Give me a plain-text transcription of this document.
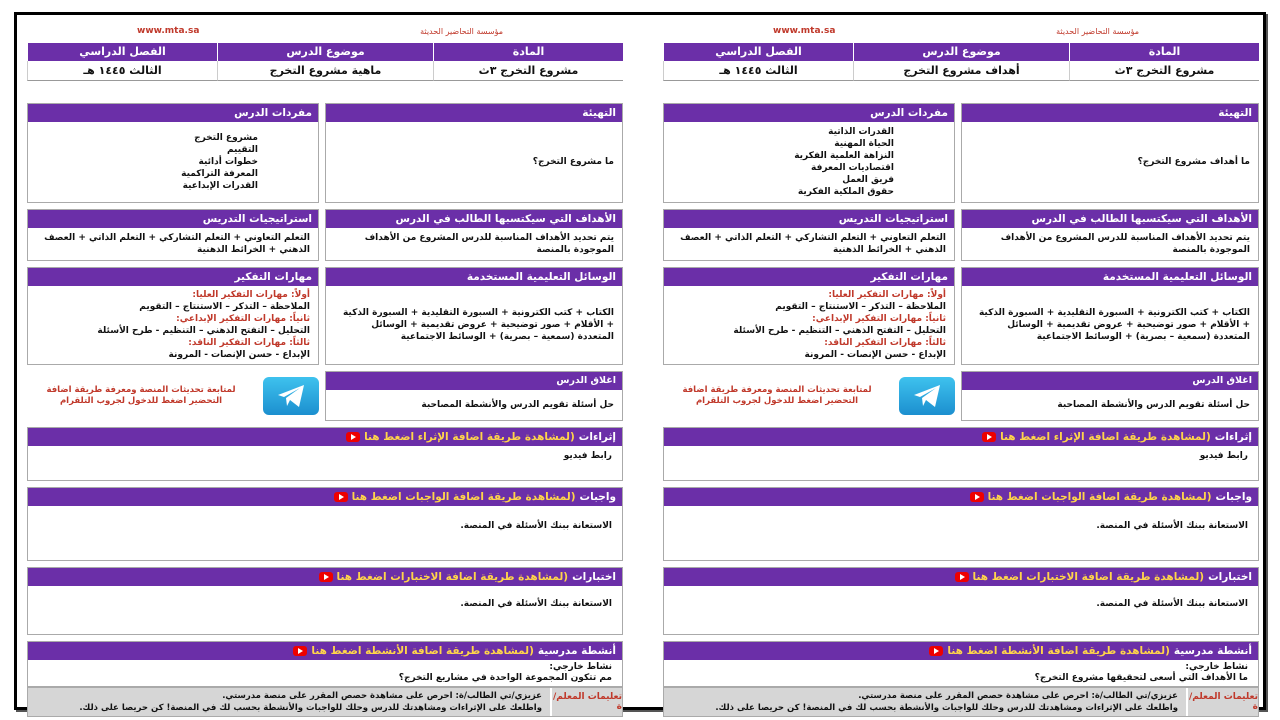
www.mta.sa	مؤسسة التحاضير الحديثة
المادة
موضوع الدرس
الفصل الدراسي
مشروع التخرج ٣ث
أهداف مشروع التخرج
الثالث ١٤٤٥ هـ
التهيئة
ما أهداف مشروع التخرج؟
مفردات الدرس
القدرات الذاتية
الحياة المهنية
النزاهة العلمية الفكرية
اقتصاديات المعرفة
فريق العمل
حقوق الملكية الفكرية
الأهداف التي سيكتسبها الطالب في الدرس
يتم تحديد الأهداف المناسبة للدرس المشروع من الأهداف الموجودة بالمنصة
استراتيجيات التدريس
التعلم التعاوني + التعلم التشاركي + التعلم الذاتي + العصف الذهني + الخرائط الذهنية
الوسائل التعليمية المستخدمة
الكتاب + كتب الكترونية + السبورة التقليدية + السبورة الذكية + الأقلام + صور توضيحية + عروض تقديمية + الوسائل المتعددة (سمعية – بصرية) + الوسائط الاجتماعية
مهارات التفكير
أولاً: مهارات التفكير العليا:
الملاحظة – التذكر – الاستنتاج – التقويم
ثانياً: مهارات التفكير الإبداعي:
التحليل – التفتح الذهني – التنظيم - طرح الأسئلة
ثالثاً: مهارات التفكير الناقد:
الإبداع - حسن الإنصات - المرونة
اغلاق الدرس
حل أسئلة تقويم الدرس والأنشطة المصاحبة
لمتابعة تحديثات المنصة ومعرفة طريقة اضافة التحضير اضغط للدخول لجروب التلقرام
إثراءات
(لمشاهدة طريقة اضافة الإثراء اضغط هنا
رابط فيديو
واجبات
(لمشاهدة طريقة اضافة الواجبات اضغط هنا
الاستعانة ببنك الأسئلة في المنصة.
اختبارات
(لمشاهدة طريقة اضافة الاختبارات اضغط هنا
الاستعانة ببنك الأسئلة في المنصة.
أنشطة مدرسية
(لمشاهدة طريقة اضافة الأنشطة اضغط هنا
نشاط خارجي:
ما الأهداف التي أسعى لتحقيقها مشروع التخرج؟
تعليمات المعلم/ة
عزيزي/تي الطالب/ة: احرص على مشاهدة حصص المقرر على منصة مدرستي.
واطلعك على الإثراءات ومشاهدتك للدرس وحلك للواجبات والأنشطة بحسب لك في المنصة! كن حريصا على ذلك.
www.mta.sa	مؤسسة التحاضير الحديثة
المادة
موضوع الدرس
الفصل الدراسي
مشروع التخرج ٣ث
ماهية مشروع التخرج
الثالث ١٤٤٥ هـ
التهيئة
ما مشروع التخرج؟
مفردات الدرس
مشروع التخرج
التقييم
خطوات أدائية
المعرفة التراكمية
القدرات الإبداعية
الأهداف التي سيكتسبها الطالب في الدرس
يتم تحديد الأهداف المناسبة للدرس المشروع من الأهداف الموجودة بالمنصة
استراتيجيات التدريس
التعلم التعاوني + التعلم التشاركي + التعلم الذاتي + العصف الذهني + الخرائط الذهنية
الوسائل التعليمية المستخدمة
الكتاب + كتب الكترونية + السبورة التقليدية + السبورة الذكية + الأقلام + صور توضيحية + عروض تقديمية + الوسائل المتعددة (سمعية – بصرية) + الوسائط الاجتماعية
مهارات التفكير
أولاً: مهارات التفكير العليا:
الملاحظة – التذكر – الاستنتاج – التقويم
ثانياً: مهارات التفكير الإبداعي:
التحليل – التفتح الذهني – التنظيم - طرح الأسئلة
ثالثاً: مهارات التفكير الناقد:
الإبداع - حسن الإنصات - المرونة
اغلاق الدرس
حل أسئلة تقويم الدرس والأنشطة المصاحبة
لمتابعة تحديثات المنصة ومعرفة طريقة اضافة التحضير اضغط للدخول لجروب التلقرام
إثراءات
(لمشاهدة طريقة اضافة الإثراء اضغط هنا
رابط فيديو
واجبات
(لمشاهدة طريقة اضافة الواجبات اضغط هنا
الاستعانة ببنك الأسئلة في المنصة.
اختبارات
(لمشاهدة طريقة اضافة الاختبارات اضغط هنا
الاستعانة ببنك الأسئلة في المنصة.
أنشطة مدرسية
(لمشاهدة طريقة اضافة الأنشطة اضغط هنا
نشاط خارجي:
مم تتكون المجموعة الواحدة في مشاريع التخرج؟
تعليمات المعلم/ة
عزيزي/تي الطالب/ة: احرص على مشاهدة حصص المقرر على منصة مدرستي.
واطلعك على الإثراءات ومشاهدتك للدرس وحلك للواجبات والأنشطة بحسب لك في المنصة! كن حريصا على ذلك.
